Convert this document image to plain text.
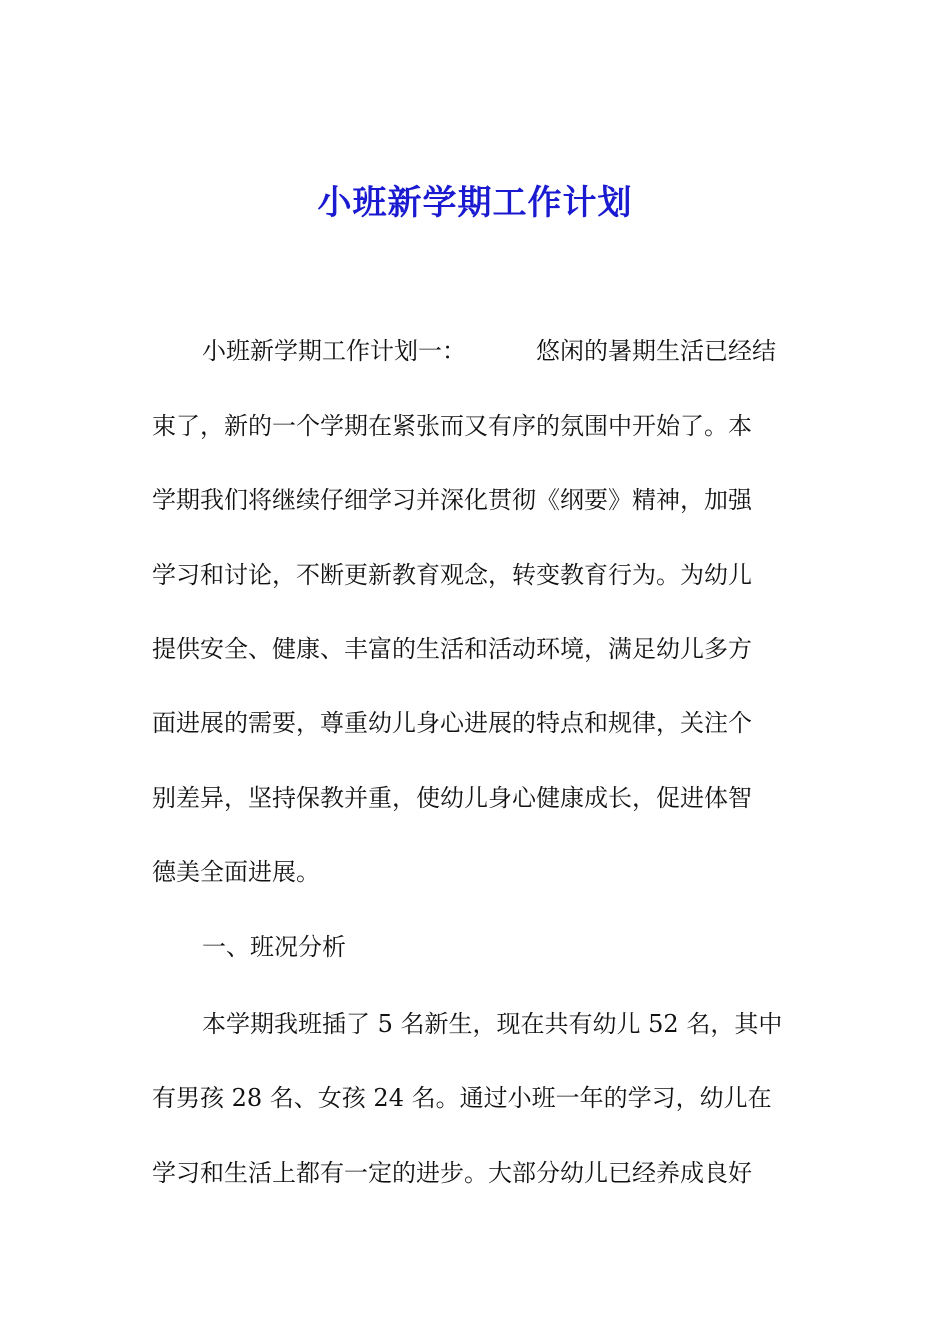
小班新学期工作计划
小班新学期工作计划一：	悠闲的暑期生活已经结
束了，新的一个学期在紧张而又有序的氛围中开始了。本
学期我们将继续仔细学习并深化贯彻《纲要》精神，加强
学习和讨论，不断更新教育观念，转变教育行为。为幼儿
提供安全、健康、丰富的生活和活动环境，满足幼儿多方
面进展的需要，尊重幼儿身心进展的特点和规律，关注个
别差异，坚持保教并重，使幼儿身心健康成长，促进体智
德美全面进展。
一、班况分析
本学期我班插了 5 名新生，现在共有幼儿 52 名，其中
有男孩 28 名、女孩 24 名。通过小班一年的学习，幼儿在
学习和生活上都有一定的进步。大部分幼儿已经养成良好
